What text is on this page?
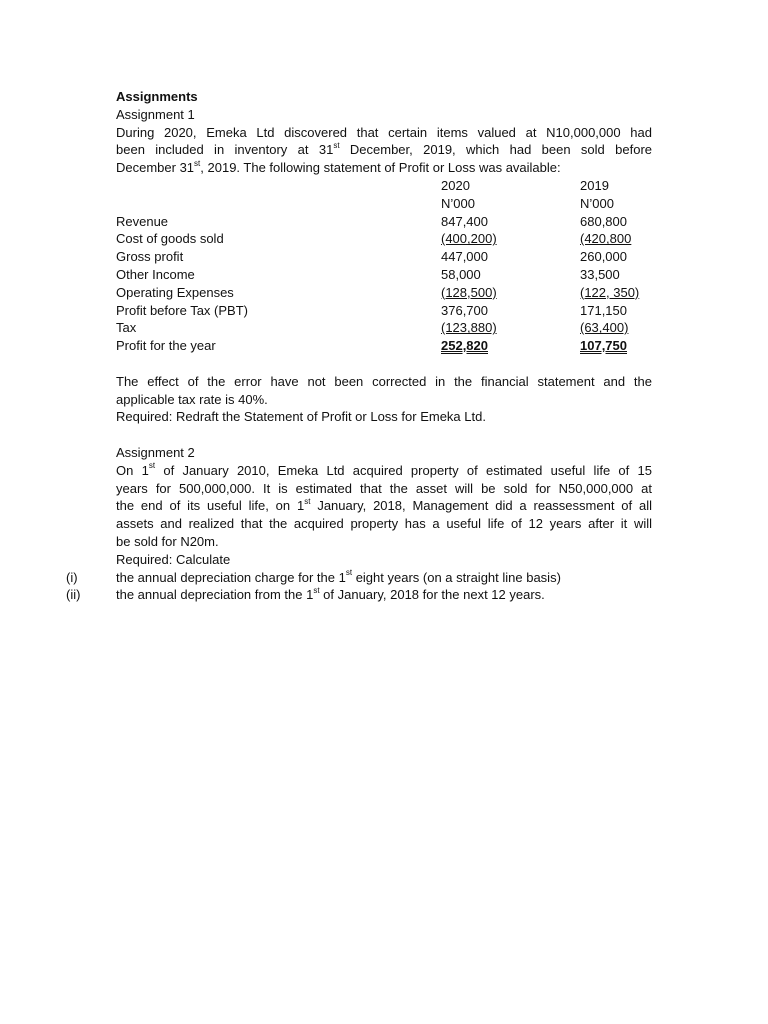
Assignments
Assignment 1
During 2020, Emeka Ltd discovered that certain items valued at N10,000,000 had
been included in inventory at 31st December, 2019, which had been sold before
December 31st, 2019. The following statement of Profit or Loss was available:
2020	2019
N’000	N’000
Revenue	847,400	680,800
Cost of goods sold	(400,200)	(420,800
Gross profit	447,000	260,000
Other Income	58,000	33,500
Operating Expenses	(128,500)	(122, 350)
Profit before Tax (PBT)	376,700	171,150
Tax	(123,880)	(63,400)
Profit for the year	252,820	107,750
The effect of the error have not been corrected in the financial statement and the
applicable tax rate is 40%.
Required: Redraft the Statement of Profit or Loss for Emeka Ltd.
Assignment 2
On 1st of January 2010, Emeka Ltd acquired property of estimated useful life of 15
years for 500,000,000. It is estimated that the asset will be sold for N50,000,000 at
the end of its useful life, on 1st January, 2018, Management did a reassessment of all
assets and realized that the acquired property has a useful life of 12 years after it will
be sold for N20m.
Required: Calculate
(i)	the annual depreciation charge for the 1st eight years (on a straight line basis)
(ii)	the annual depreciation from the 1st of January, 2018 for the next 12 years.
